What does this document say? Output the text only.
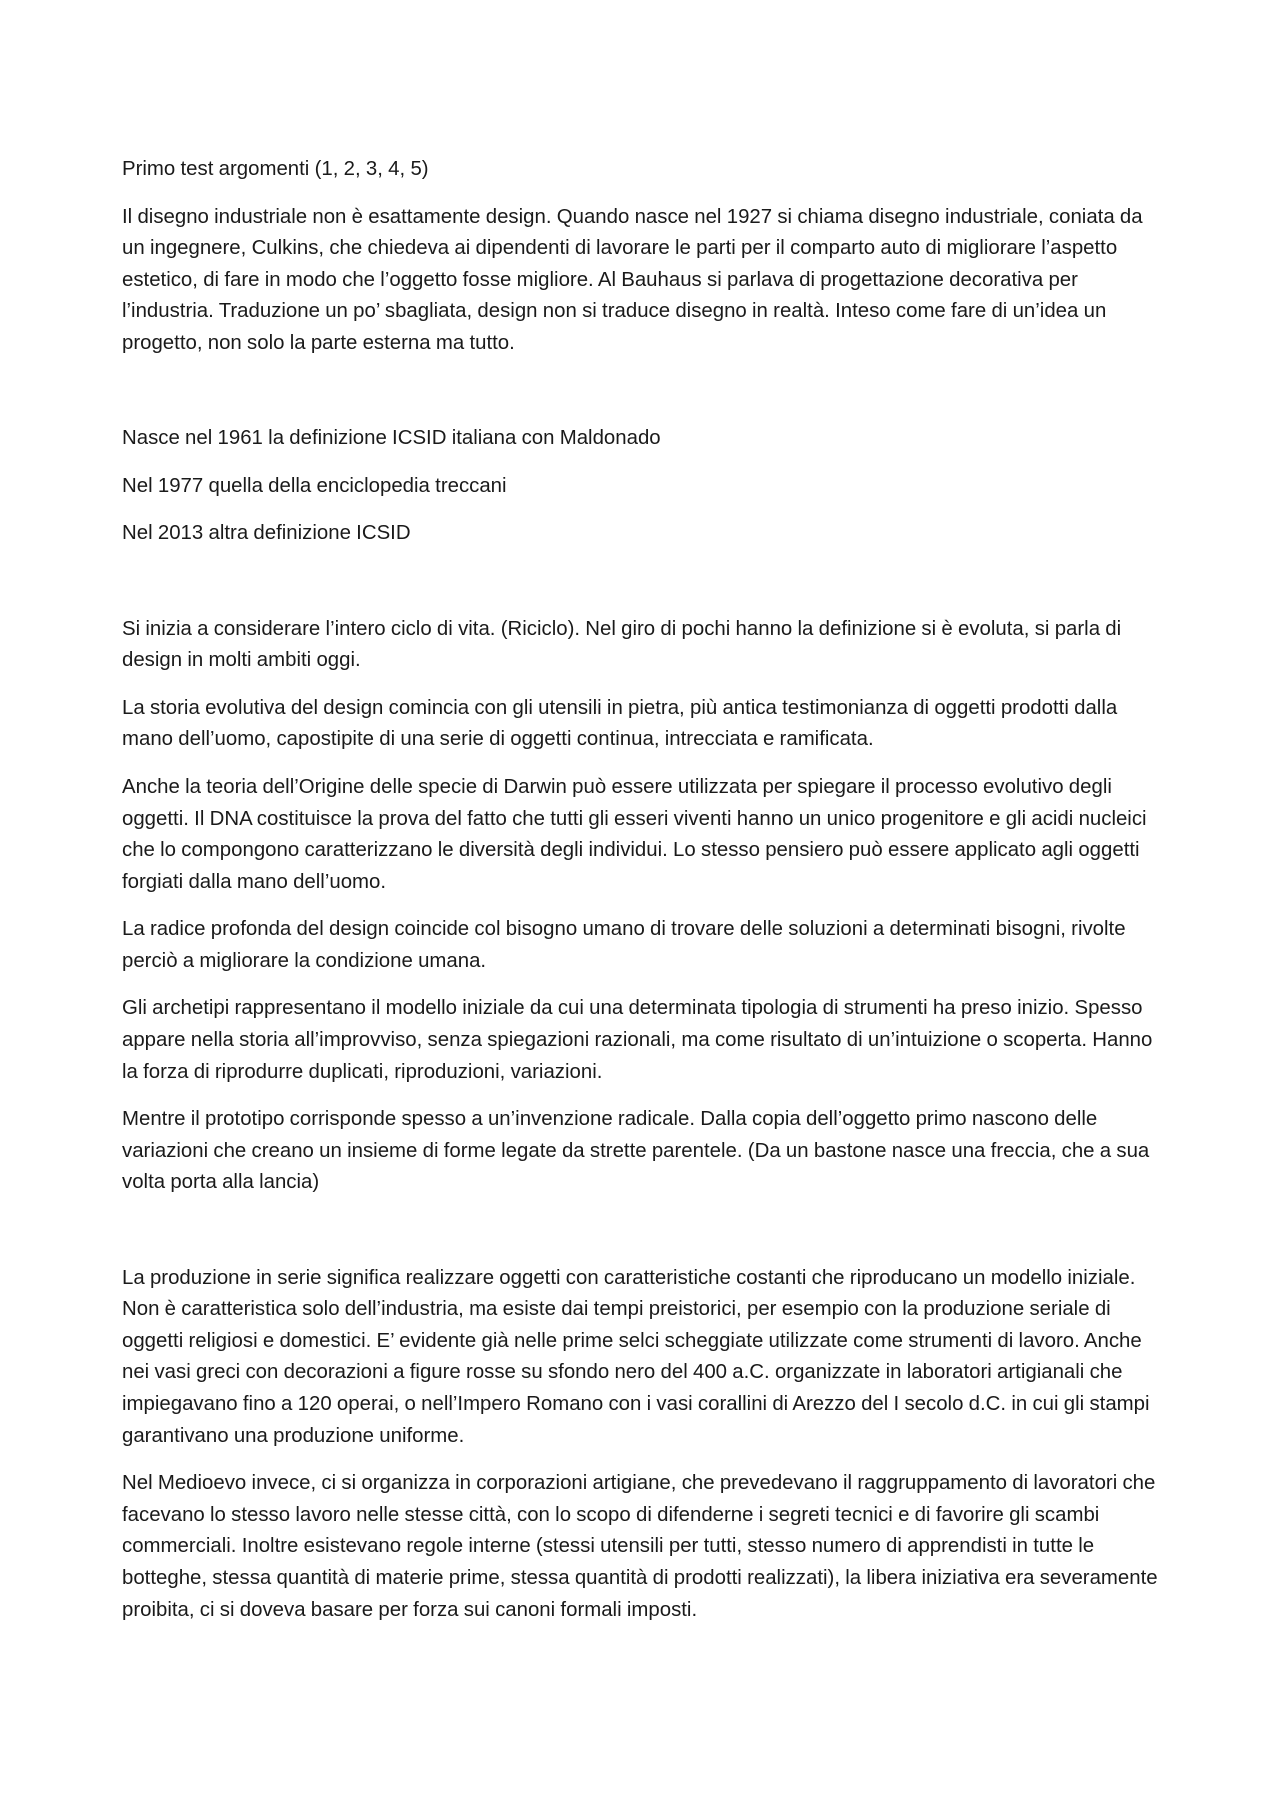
Primo test argomenti (1, 2, 3, 4, 5)

Il disegno industriale non è esattamente design. Quando nasce nel 1927 si chiama disegno industriale, coniata da un ingegnere, Culkins, che chiedeva ai dipendenti di lavorare le parti per il comparto auto di migliorare l’aspetto estetico, di fare in modo che l’oggetto fosse migliore. Al Bauhaus si parlava di progettazione decorativa per l’industria. Traduzione un po’ sbagliata, design non si traduce disegno in realtà. Inteso come fare di un’idea un progetto, non solo la parte esterna ma tutto.

Nasce nel 1961 la definizione ICSID italiana con Maldonado

Nel 1977 quella della enciclopedia treccani

Nel 2013 altra definizione ICSID

Si inizia a considerare l’intero ciclo di vita. (Riciclo). Nel giro di pochi hanno la definizione si è evoluta, si parla di design in molti ambiti oggi.

La storia evolutiva del design comincia con gli utensili in pietra, più antica testimonianza di oggetti prodotti dalla mano dell’uomo, capostipite di una serie di oggetti continua, intrecciata e ramificata.

Anche la teoria dell’Origine delle specie di Darwin può essere utilizzata per spiegare il processo evolutivo degli oggetti. Il DNA costituisce la prova del fatto che tutti gli esseri viventi hanno un unico progenitore e gli acidi nucleici che lo compongono caratterizzano le diversità degli individui. Lo stesso pensiero può essere applicato agli oggetti forgiati dalla mano dell’uomo.

La radice profonda del design coincide col bisogno umano di trovare delle soluzioni a determinati bisogni, rivolte perciò a migliorare la condizione umana.

Gli archetipi rappresentano il modello iniziale da cui una determinata tipologia di strumenti ha preso inizio. Spesso appare nella storia all’improvviso, senza spiegazioni razionali, ma come risultato di un’intuizione o scoperta. Hanno la forza di riprodurre duplicati, riproduzioni, variazioni.

Mentre il prototipo corrisponde spesso a un’invenzione radicale. Dalla copia dell’oggetto primo nascono delle variazioni che creano un insieme di forme legate da strette parentele. (Da un bastone nasce una freccia, che a sua volta porta alla lancia)

La produzione in serie significa realizzare oggetti con caratteristiche costanti che riproducano un modello iniziale. Non è caratteristica solo dell’industria, ma esiste dai tempi preistorici, per esempio con la produzione seriale di oggetti religiosi e domestici. E’ evidente già nelle prime selci scheggiate utilizzate come strumenti di lavoro. Anche nei vasi greci con decorazioni a figure rosse su sfondo nero del 400 a.C. organizzate in laboratori artigianali che impiegavano fino a 120 operai, o nell’Impero Romano con i vasi corallini di Arezzo del I secolo d.C. in cui gli stampi garantivano una produzione uniforme.

Nel Medioevo invece, ci si organizza in corporazioni artigiane, che prevedevano il raggruppamento di lavoratori che facevano lo stesso lavoro nelle stesse città, con lo scopo di difenderne i segreti tecnici e di favorire gli scambi commerciali. Inoltre esistevano regole interne (stessi utensili per tutti, stesso numero di apprendisti in tutte le botteghe, stessa quantità di materie prime, stessa quantità di prodotti realizzati), la libera iniziativa era severamente proibita, ci si doveva basare per forza sui canoni formali imposti.
